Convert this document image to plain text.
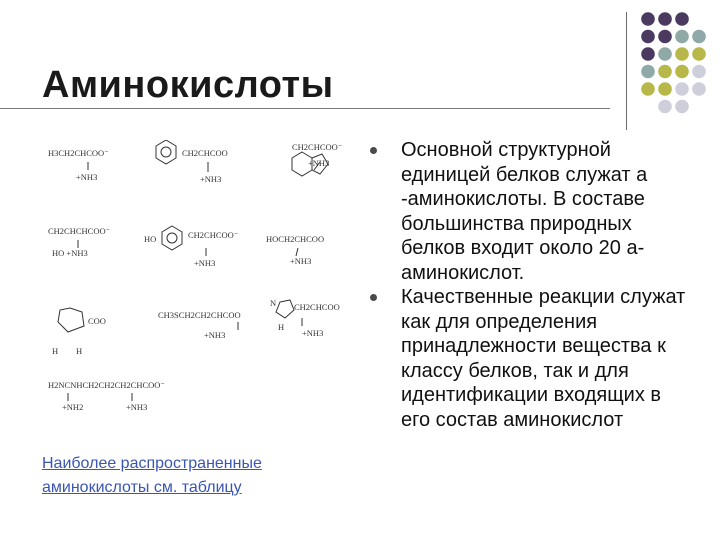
Аминокислоты
H3CH2CHCOO⁻
+NH3
CH2CHCOO
+NH3
CH2CHCOO⁻
+NH3
CH2CHCHCOO⁻
HO +NH3
HO	CH2CHCOO⁻
+NH3
HOCH2CHCOO
+NH3
COO
H H
CH3SCH2CH2CHCOO
+NH3
N CH2CHCOO
+NH3
H
H2NCNHCH2CH2CH2CHCOO⁻
+NH2	+NH3
Основной структурной единицей белков служат а -аминокислоты. В составе большинства природных белков входит около 20 а-аминокислот.
Качественные реакции служат как для определения принадлежности вещества к классу белков, так и для идентификации входящих в его состав аминокислот
Наиболее распространенные аминокислоты см. таблицу
